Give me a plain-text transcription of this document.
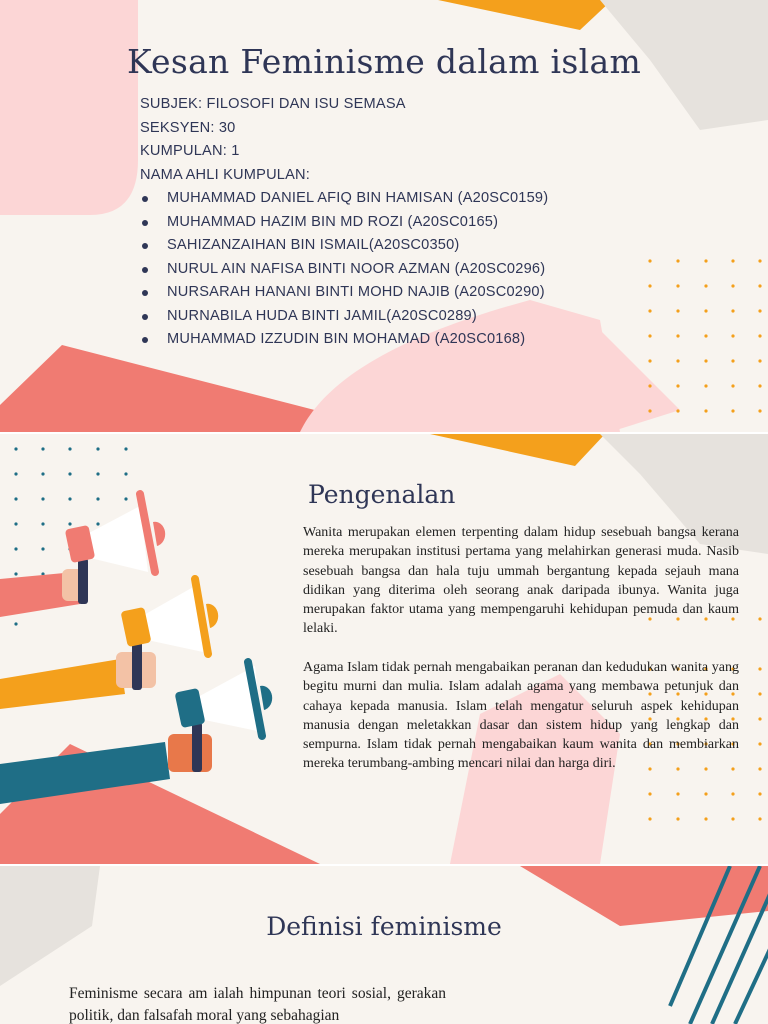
Kesan Feminisme dalam islam
SUBJEK: FILOSOFI DAN ISU SEMASA
SEKSYEN: 30
KUMPULAN: 1
NAMA AHLI KUMPULAN:
MUHAMMAD DANIEL AFIQ BIN HAMISAN (A20SC0159)
MUHAMMAD HAZIM BIN MD ROZI (A20SC0165)
SAHIZANZAIHAN BIN ISMAIL(A20SC0350)
NURUL AIN NAFISA BINTI NOOR AZMAN (A20SC0296)
NURSARAH HANANI BINTI MOHD NAJIB (A20SC0290)
NURNABILA HUDA BINTI JAMIL(A20SC0289)
MUHAMMAD IZZUDIN BIN MOHAMAD (A20SC0168)
Pengenalan

Wanita merupakan elemen terpenting dalam hidup sesebuah bangsa kerana mereka merupakan institusi pertama yang melahirkan generasi muda. Nasib sesebuah bangsa dan hala tuju ummah bergantung kepada sejauh mana didikan yang diterima oleh seorang anak daripada ibunya. Wanita juga merupakan faktor utama yang mempengaruhi kehidupan pemuda dan kaum lelaki.

Agama Islam tidak pernah mengabaikan peranan dan kedudukan wanita yang begitu murni dan mulia. Islam adalah agama yang membawa petunjuk dan cahaya kepada manusia. Islam telah mengatur seluruh aspek kehidupan manusia dengan meletakkan dasar dan sistem hidup yang lengkap dan sempurna. Islam tidak pernah mengabaikan kaum wanita dan membiarkan mereka terumbang-ambing mencari nilai dan harga diri.

Definisi feminisme

Feminisme secara am ialah himpunan teori sosial, gerakan politik, dan falsafah moral yang sebahagian
